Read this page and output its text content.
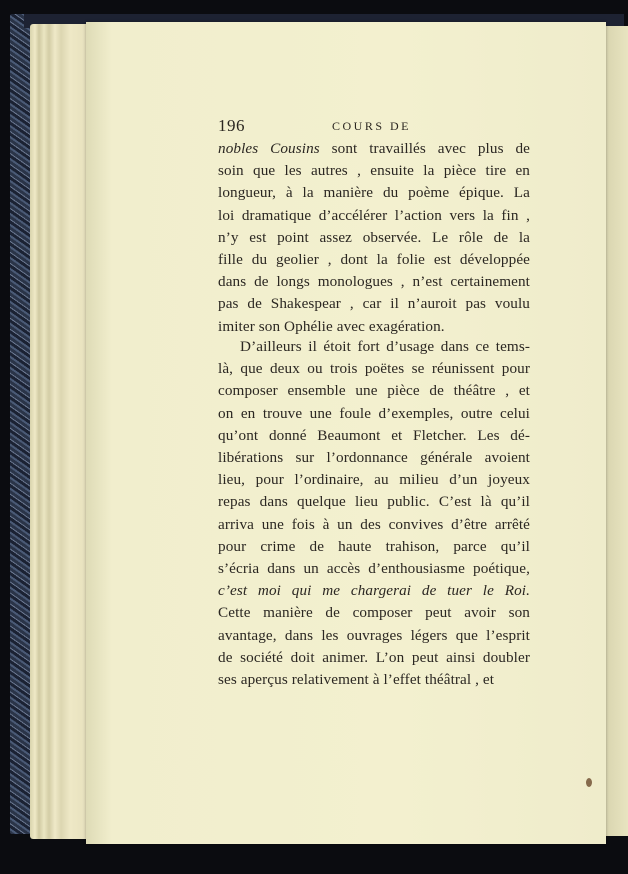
196	COURS DE
nobles Cousins sont travaillés avec plus de
soin que les autres , ensuite la pièce tire en
longueur, à la manière du poème épique. La
loi dramatique d’accélérer l’action vers la fin ,
n’y est point assez observée. Le rôle de la
fille du geolier , dont la folie est développée
dans de longs monologues , n’est certainement
pas de Shakespear , car il n’auroit pas voulu
imiter son Ophélie avec exagération.
D’ailleurs il étoit fort d’usage dans ce tems-
là, que deux ou trois poëtes se réunissent pour
composer ensemble une pièce de théâtre , et
on en trouve une foule d’exemples, outre celui
qu’ont donné Beaumont et Fletcher. Les dé-
libérations sur l’ordonnance générale avoient
lieu, pour l’ordinaire, au milieu d’un joyeux
repas dans quelque lieu public. C’est là qu’il
arriva une fois à un des convives d’être arrêté
pour crime de haute trahison, parce qu’il
s’écria dans un accès d’enthousiasme poétique,
c’est moi qui me chargerai de tuer le Roi.
Cette manière de composer peut avoir son
avantage, dans les ouvrages légers que l’esprit
de société doit animer. L’on peut ainsi doubler
ses aperçus relativement à l’effet théâtral , et
